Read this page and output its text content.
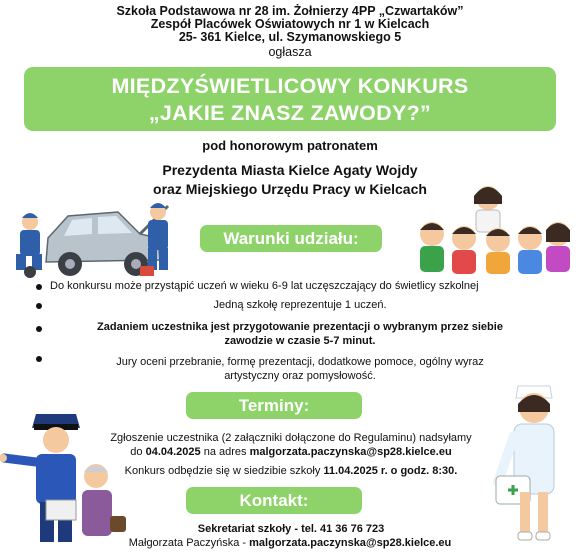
Szkoła Podstawowa nr 28 im. Żołnierzy 4PP „Czwartaków”
Zespół Placówek Oświatowych nr 1 w Kielcach
25- 361 Kielce, ul. Szymanowskiego 5
ogłasza
MIĘDZYŚWIETLICOWY KONKURS
„JAKIE ZNASZ ZAWODY?”
pod honorowym patronatem
Prezydenta Miasta Kielce Agaty Wojdy
oraz Miejskiego Urzędu Pracy w Kielcach
Warunki udziału:
Do konkursu może przystąpić uczeń w wieku 6-9 lat uczęszczający do świetlicy szkolnej
Jedną szkołę reprezentuje 1 uczeń.
Zadaniem uczestnika jest przygotowanie prezentacji o wybranym przez siebie
zawodzie w czasie 5-7 minut.
Jury oceni przebranie, formę prezentacji, dodatkowe pomoce, ogólny wyraz
artystyczny oraz pomysłowość.
Terminy:
Zgłoszenie uczestnika (2 załączniki dołączone do Regulaminu) nadsyłamy
do 04.04.2025 na adres malgorzata.paczynska@sp28.kielce.eu
Konkurs odbędzie się w siedzibie szkoły 11.04.2025 r. o godz. 8:30.
Kontakt:
Sekretariat szkoły - tel. 41 36 76 723
Małgorzata Paczyńska - malgorzata.paczynska@sp28.kielce.eu
